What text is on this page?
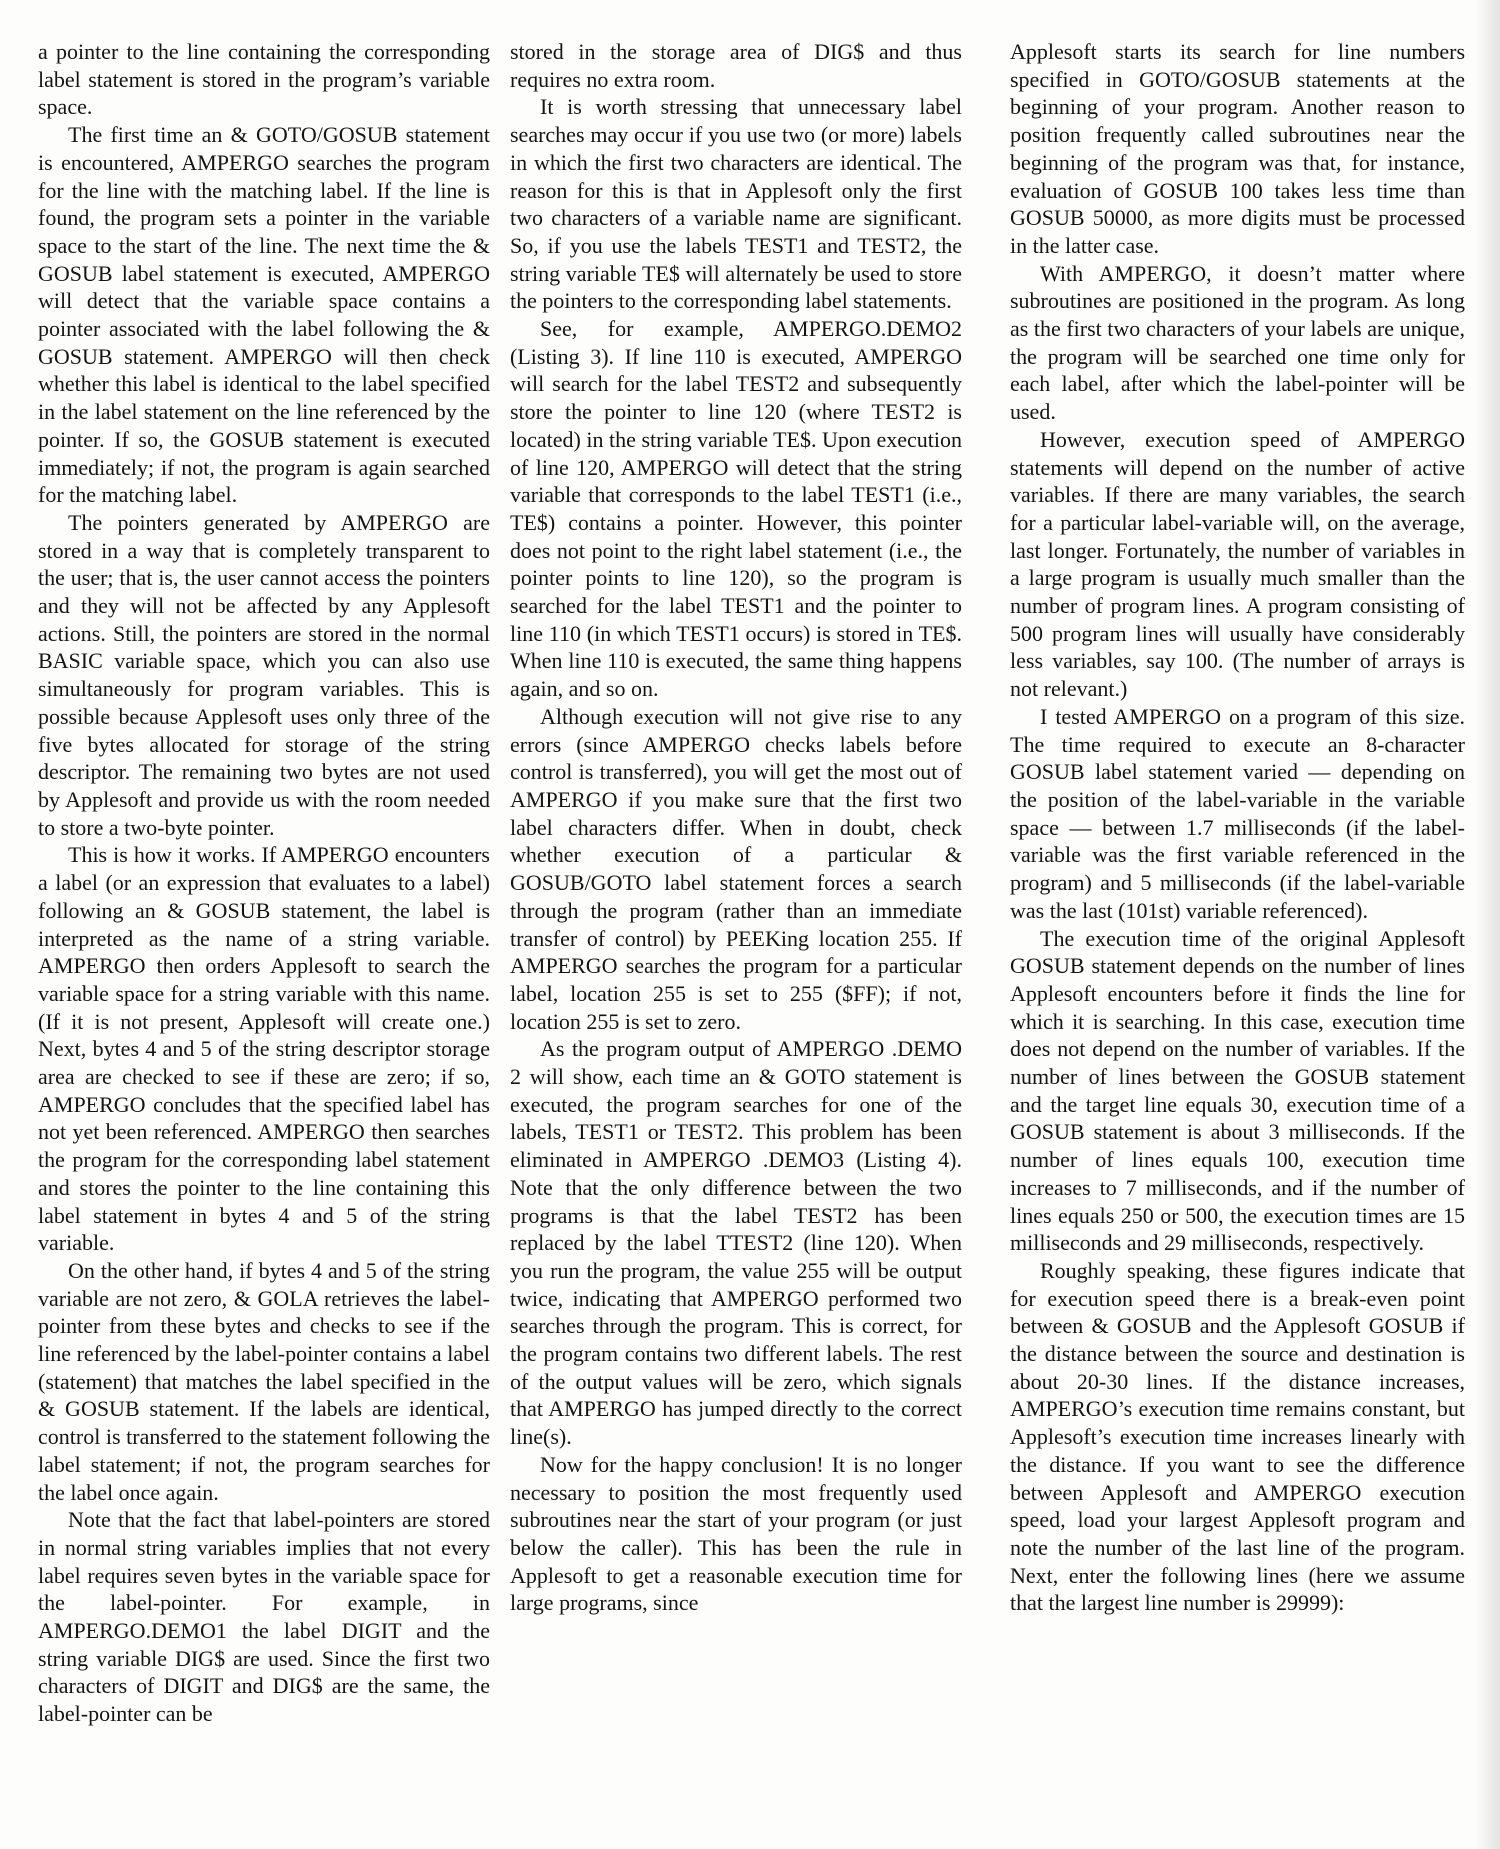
a pointer to the line containing the corresponding label statement is stored in the program’s variable space.

The first time an & GOTO/GOSUB statement is encountered, AMPERGO searches the program for the line with the matching label. If the line is found, the program sets a pointer in the variable space to the start of the line. The next time the & GOSUB label statement is executed, AMPERGO will detect that the variable space contains a pointer associated with the label following the & GOSUB statement. AMPERGO will then check whether this label is identical to the label specified in the label statement on the line referenced by the pointer. If so, the GOSUB statement is executed immediately; if not, the program is again searched for the matching label.

The pointers generated by AMPERGO are stored in a way that is completely transparent to the user; that is, the user cannot access the pointers and they will not be affected by any Applesoft actions. Still, the pointers are stored in the normal BASIC variable space, which you can also use simultaneously for program variables. This is possible because Applesoft uses only three of the five bytes allocated for storage of the string descriptor. The remaining two bytes are not used by Applesoft and provide us with the room needed to store a two-byte pointer.

This is how it works. If AMPERGO encounters a label (or an expression that evaluates to a label) following an & GOSUB statement, the label is interpreted as the name of a string variable. AMPERGO then orders Applesoft to search the variable space for a string variable with this name. (If it is not present, Applesoft will create one.) Next, bytes 4 and 5 of the string descriptor storage area are checked to see if these are zero; if so, AMPERGO concludes that the specified label has not yet been referenced. AMPERGO then searches the program for the corresponding label statement and stores the pointer to the line containing this label statement in bytes 4 and 5 of the string variable.

On the other hand, if bytes 4 and 5 of the string variable are not zero, & GOLA retrieves the label-pointer from these bytes and checks to see if the line referenced by the label-pointer contains a label (statement) that matches the label specified in the & GOSUB statement. If the labels are identical, control is transferred to the statement following the label statement; if not, the program searches for the label once again.

Note that the fact that label-pointers are stored in normal string variables implies that not every label requires seven bytes in the variable space for the label-pointer. For example, in AMPERGO.DEMO1 the label DIGIT and the string variable DIG$ are used. Since the first two characters of DIGIT and DIG$ are the same, the label-pointer can be

stored in the storage area of DIG$ and thus requires no extra room.

It is worth stressing that unnecessary label searches may occur if you use two (or more) labels in which the first two characters are identical. The reason for this is that in Applesoft only the first two characters of a variable name are significant. So, if you use the labels TEST1 and TEST2, the string variable TE$ will alternately be used to store the pointers to the corresponding label statements.

See, for example, AMPERGO.DEMO2 (Listing 3). If line 110 is executed, AMPERGO will search for the label TEST2 and subsequently store the pointer to line 120 (where TEST2 is located) in the string variable TE$. Upon execution of line 120, AMPERGO will detect that the string variable that corresponds to the label TEST1 (i.e., TE$) contains a pointer. However, this pointer does not point to the right label statement (i.e., the pointer points to line 120), so the program is searched for the label TEST1 and the pointer to line 110 (in which TEST1 occurs) is stored in TE$. When line 110 is executed, the same thing happens again, and so on.

Although execution will not give rise to any errors (since AMPERGO checks labels before control is transferred), you will get the most out of AMPERGO if you make sure that the first two label characters differ. When in doubt, check whether execution of a particular & GOSUB/GOTO label statement forces a search through the program (rather than an immediate transfer of control) by PEEKing location 255. If AMPERGO searches the program for a particular label, location 255 is set to 255 ($FF); if not, location 255 is set to zero.

As the program output of AMPERGO .DEMO 2 will show, each time an & GOTO statement is executed, the program searches for one of the labels, TEST1 or TEST2. This problem has been eliminated in AMPERGO .DEMO3 (Listing 4). Note that the only difference between the two programs is that the label TEST2 has been replaced by the label TTEST2 (line 120). When you run the program, the value 255 will be output twice, indicating that AMPERGO performed two searches through the program. This is correct, for the program contains two different labels. The rest of the output values will be zero, which signals that AMPERGO has jumped directly to the correct line(s).

Now for the happy conclusion! It is no longer necessary to position the most frequently used subroutines near the start of your program (or just below the caller). This has been the rule in Applesoft to get a reasonable execution time for large programs, since

Applesoft starts its search for line numbers specified in GOTO/GOSUB statements at the beginning of your program. Another reason to position frequently called subroutines near the beginning of the program was that, for instance, evaluation of GOSUB 100 takes less time than GOSUB 50000, as more digits must be processed in the latter case.

With AMPERGO, it doesn’t matter where subroutines are positioned in the program. As long as the first two characters of your labels are unique, the program will be searched one time only for each label, after which the label-pointer will be used.

However, execution speed of AMPERGO statements will depend on the number of active variables. If there are many variables, the search for a particular label-variable will, on the average, last longer. Fortunately, the number of variables in a large program is usually much smaller than the number of program lines. A program consisting of 500 program lines will usually have considerably less variables, say 100. (The number of arrays is not relevant.)

I tested AMPERGO on a program of this size. The time required to execute an 8-character GOSUB label statement varied — depending on the position of the label-variable in the variable space — between 1.7 milliseconds (if the label-variable was the first variable referenced in the program) and 5 milliseconds (if the label-variable was the last (101st) variable referenced).

The execution time of the original Applesoft GOSUB statement depends on the number of lines Applesoft encounters before it finds the line for which it is searching. In this case, execution time does not depend on the number of variables. If the number of lines between the GOSUB statement and the target line equals 30, execution time of a GOSUB statement is about 3 milliseconds. If the number of lines equals 100, execution time increases to 7 milliseconds, and if the number of lines equals 250 or 500, the execution times are 15 milliseconds and 29 milliseconds, respectively.

Roughly speaking, these figures indicate that for execution speed there is a break-even point between & GOSUB and the Applesoft GOSUB if the distance between the source and destination is about 20-30 lines. If the distance increases, AMPERGO’s execution time remains constant, but Applesoft’s execution time increases linearly with the distance. If you want to see the difference between Applesoft and AMPERGO execution speed, load your largest Applesoft program and note the number of the last line of the program. Next, enter the following lines (here we assume that the largest line number is 29999):
